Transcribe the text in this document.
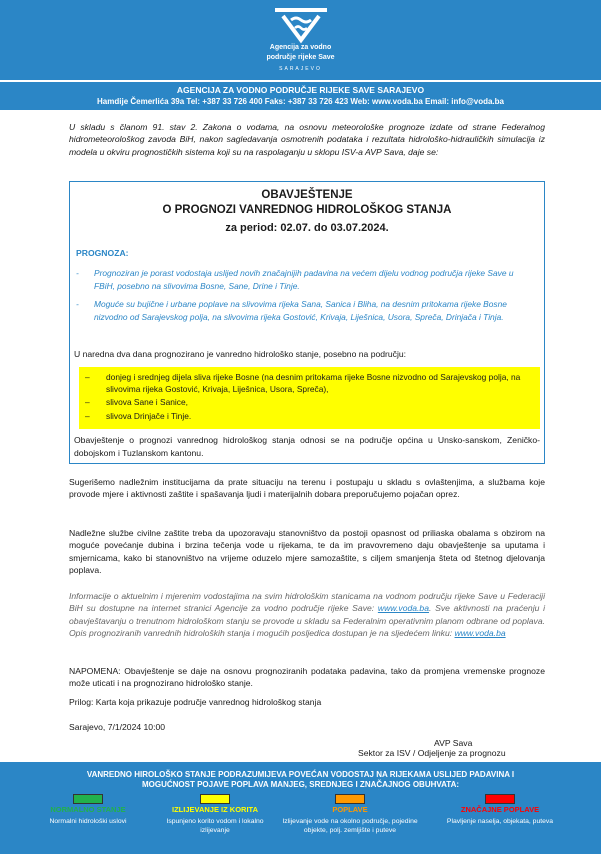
Agencija za vodno
područje rijeke Save
SARAJEVO
AGENCIJA ZA VODNO PODRUČJE RIJEKE SAVE SARAJEVO
Hamdije Čemerlića 39a Tel: +387 33 726 400 Faks: +387 33 726 423 Web: www.voda.ba Email: info@voda.ba
U skladu s članom 91. stav 2. Zakona o vodama, na osnovu meteorološke prognoze izdate od strane Federalnog hidrometeorološkog zavoda BiH, nakon sagledavanja osmotrenih podataka i rezultata hidrološko-hidrauličkih simulacija iz modela u okviru prognostičkih sistema koji su na raspolaganju u sklopu ISV-a AVP Sava, daje se:
OBAVJEŠTENJE
O PROGNOZI VANREDNOG HIDROLOŠKOG STANJA
za period: 02.07. do 03.07.2024.
PROGNOZA:
- Prognoziran je porast vodostaja uslijed novih značajnijih padavina na većem dijelu vodnog područja rijeke Save u FBiH, posebno na slivovima Bosne, Sane, Drine i Tinje.
- Moguće su bujične i urbane poplave na slivovima rijeka Sana, Sanica i Bliha, na desnim pritokama rijeke Bosne nizvodno od Sarajevskog polja, na slivovima rijeka Gostović, Krivaja, Liješnica, Usora, Spreča, Drinjača i Tinja.
U naredna dva dana prognozirano je vanredno hidrološko stanje, posebno na području:
– donjeg i srednjeg dijela sliva rijeke Bosne (na desnim pritokama rijeke Bosne nizvodno od Sarajevskog polja, na slivovima rijeka Gostović, Krivaja, Liješnica, Usora, Spreča),
– slivova Sane i Sanice,
– slivova Drinjače i Tinje.
Obavještenje o prognozi vanrednog hidrološkog stanja odnosi se na područje općina u Unsko-sanskom, Zeničko-dobojskom i Tuzlanskom kantonu.
Sugerišemo nadležnim institucijama da prate situaciju na terenu i postupaju u skladu s ovlaštenjima, a službama koje provode mjere i aktivnosti zaštite i spašavanja ljudi i materijalnih dobara preporučujemo pojačan oprez.
Nadležne službe civilne zaštite treba da upozoravaju stanovništvo da postoji opasnost od priliaska obalama s obzirom na moguće povećanje dubina i brzina tečenja vode u rijekama, te da im pravovremeno daju obavještenje sa uputama i smjernicama, kako bi stanovništvo na vrijeme oduzelo mjere samozaštite, s ciljem smanjenja šteta od štetnog djelovanja poplava.
Informacije o aktuelnim i mjerenim vodostajima na svim hidrološkim stanicama na vodnom području rijeke Save u Federaciji BiH su dostupne na internet stranici Agencije za vodno područje rijeke Save: www.voda.ba. Sve aktivnosti na praćenju i obavještavanju o trenutnom hidrološkom stanju se provode u skladu sa Federalnim operativnim planom odbrane od poplava. Opis prognoziranih vanrednih hidroloških stanja i mogućih posljedica dostupan je na sljedećem linku: www.voda.ba
NAPOMENA: Obavještenje se daje na osnovu prognoziranih podataka padavina, tako da promjena vremenske prognoze može uticati i na prognozirano hidrološko stanje.
Prilog: Karta koja prikazuje područje vanrednog hidrološkog stanja
Sarajevo, 7/1/2024 10:00
AVP Sava
Sektor za ISV / Odjeljenje za prognozu
VANREDNO HIROLOŠKO STANJE PODRAZUMIJEVA POVEĆAN VODOSTAJ NA RIJEKAMA USLIJED PADAVINA I
MOGUĆNOST POJAVE POPLAVA MANJEG, SREDNJEG I ZNAČAJNOG OBUHVATA:
NORMALNO STANJE
Normalni hidrološki uslovi
IZLIJEVANJE IZ KORITA
Ispunjeno korito vodom i lokalno izlijevanje
POPLAVE
Izlijevanje vode na okolno područje, pojedine objekte, polj. zemljište i puteve
ZNAČAJNE POPLAVE
Plavljenje naselja, objekata, puteva
